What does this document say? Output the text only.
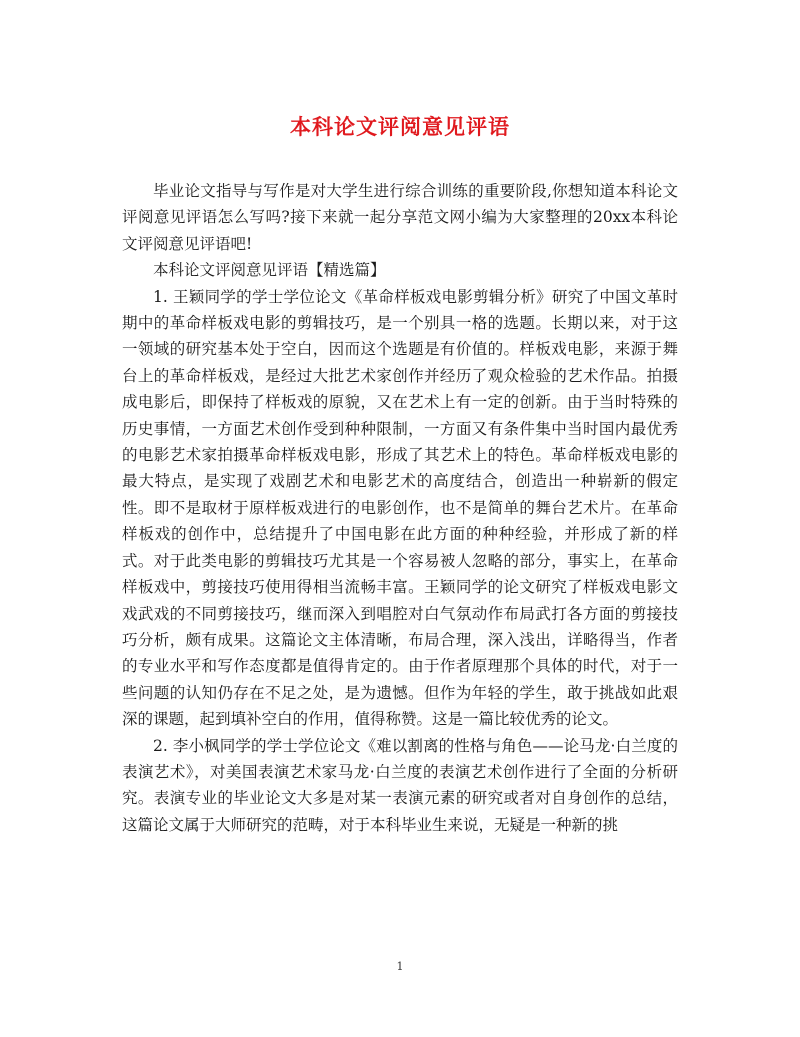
本科论文评阅意见评语

毕业论文指导与写作是对大学生进行综合训练的重要阶段,你想知道本科论文评阅意见评语怎么写吗?接下来就一起分享范文网小编为大家整理的20xx本科论文评阅意见评语吧!

本科论文评阅意见评语【精选篇】

1. 王颖同学的学士学位论文《革命样板戏电影剪辑分析》研究了中国文革时期中的革命样板戏电影的剪辑技巧，是一个别具一格的选题。长期以来，对于这一领域的研究基本处于空白，因而这个选题是有价值的。样板戏电影，来源于舞台上的革命样板戏，是经过大批艺术家创作并经历了观众检验的艺术作品。拍摄成电影后，即保持了样板戏的原貌，又在艺术上有一定的创新。由于当时特殊的历史事情，一方面艺术创作受到种种限制，一方面又有条件集中当时国内最优秀的电影艺术家拍摄革命样板戏电影，形成了其艺术上的特色。革命样板戏电影的最大特点，是实现了戏剧艺术和电影艺术的高度结合，创造出一种崭新的假定性。即不是取材于原样板戏进行的电影创作，也不是简单的舞台艺术片。在革命样板戏的创作中，总结提升了中国电影在此方面的种种经验，并形成了新的样式。对于此类电影的剪辑技巧尤其是一个容易被人忽略的部分，事实上，在革命样板戏中，剪接技巧使用得相当流畅丰富。王颖同学的论文研究了样板戏电影文戏武戏的不同剪接技巧，继而深入到唱腔对白气氛动作布局武打各方面的剪接技巧分析，颇有成果。这篇论文主体清晰，布局合理，深入浅出，详略得当，作者的专业水平和写作态度都是值得肯定的。由于作者原理那个具体的时代，对于一些问题的认知仍存在不足之处，是为遗憾。但作为年轻的学生，敢于挑战如此艰深的课题，起到填补空白的作用，值得称赞。这是一篇比较优秀的论文。

2. 李小枫同学的学士学位论文《难以割离的性格与角色——论马龙·白兰度的表演艺术》，对美国表演艺术家马龙·白兰度的表演艺术创作进行了全面的分析研究。表演专业的毕业论文大多是对某一表演元素的研究或者对自身创作的总结，这篇论文属于大师研究的范畴，对于本科毕业生来说，无疑是一种新的挑

1
